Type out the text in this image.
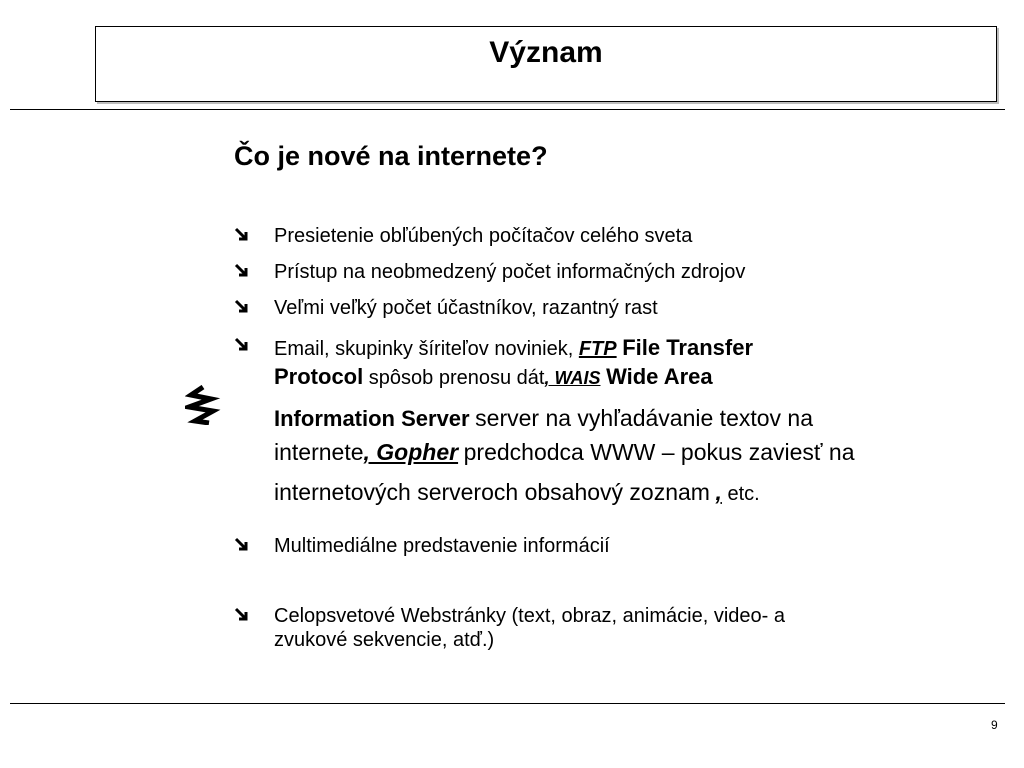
Význam
Čo je nové na internete?
Presietenie obľúbených počítačov celého sveta
Prístup na neobmedzený počet informačných zdrojov
Veľmi veľký počet účastníkov, razantný rast
Email, skupinky šíriteľov noviniek, FTP File Transfer
Protocol spôsob prenosu dát, WAIS Wide Area
Information Server server na vyhľadávanie textov na
internete, Gopher predchodca WWW – pokus zaviesť na
internetových serveroch obsahový zoznam , etc.
Multimediálne predstavenie informácií
Celopsvetové Webstránky (text, obraz, animácie, video- a
zvukové sekvencie, atď.)
9
